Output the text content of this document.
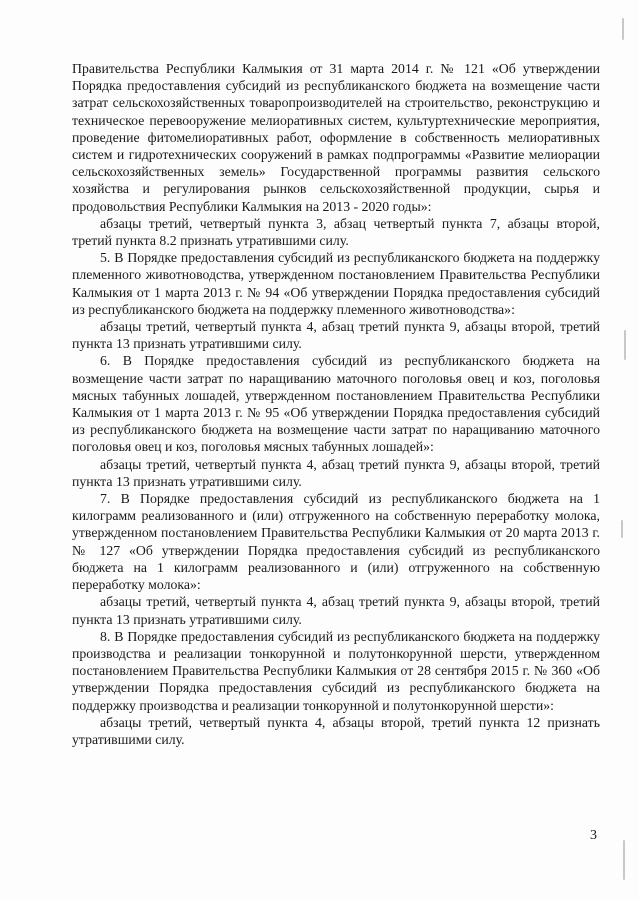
Правительства Республики Калмыкия от 31 марта 2014 г. № 121 «Об утверждении Порядка предоставления субсидий из республиканского бюджета на возмещение части затрат сельскохозяйственных товаропроизводителей на строительство, реконструкцию и техническое перевооружение мелиоративных систем, культуртехнические мероприятия, проведение фитомелиоративных работ, оформление в собственность мелиоративных систем и гидротехнических сооружений в рамках подпрограммы «Развитие мелиорации сельскохозяйственных земель» Государственной программы развития сельского хозяйства и регулирования рынков сельскохозяйственной продукции, сырья и продовольствия Республики Калмыкия на 2013 - 2020 годы»:

абзацы третий, четвертый пункта 3, абзац четвертый пункта 7, абзацы второй, третий пункта 8.2 признать утратившими силу.

5. В Порядке предоставления субсидий из республиканского бюджета на поддержку племенного животноводства, утвержденном постановлением Правительства Республики Калмыкия от 1 марта 2013 г. № 94 «Об утверждении Порядка предоставления субсидий из республиканского бюджета на поддержку племенного животноводства»:

абзацы третий, четвертый пункта 4, абзац третий пункта 9, абзацы второй, третий пункта 13 признать утратившими силу.

6. В Порядке предоставления субсидий из республиканского бюджета на возмещение части затрат по наращиванию маточного поголовья овец и коз, поголовья мясных табунных лошадей, утвержденном постановлением Правительства Республики Калмыкия от 1 марта 2013 г. № 95 «Об утверждении Порядка предоставления субсидий из республиканского бюджета на возмещение части затрат по наращиванию маточного поголовья овец и коз, поголовья мясных табунных лошадей»:

абзацы третий, четвертый пункта 4, абзац третий пункта 9, абзацы второй, третий пункта 13 признать утратившими силу.

7. В Порядке предоставления субсидий из республиканского бюджета на 1 килограмм реализованного и (или) отгруженного на собственную переработку молока, утвержденном постановлением Правительства Республики Калмыкия от 20 марта 2013 г. № 127 «Об утверждении Порядка предоставления субсидий из республиканского бюджета на 1 килограмм реализованного и (или) отгруженного на собственную переработку молока»:

абзацы третий, четвертый пункта 4, абзац третий пункта 9, абзацы второй, третий пункта 13 признать утратившими силу.

8. В Порядке предоставления субсидий из республиканского бюджета на поддержку производства и реализации тонкорунной и полутонкорунной шерсти, утвержденном постановлением Правительства Республики Калмыкия от 28 сентября 2015 г. № 360 «Об утверждении Порядка предоставления субсидий из республиканского бюджета на поддержку производства и реализации тонкорунной и полутонкорунной шерсти»:

абзацы третий, четвертый пункта 4, абзацы второй, третий пункта 12 признать утратившими силу.

3
